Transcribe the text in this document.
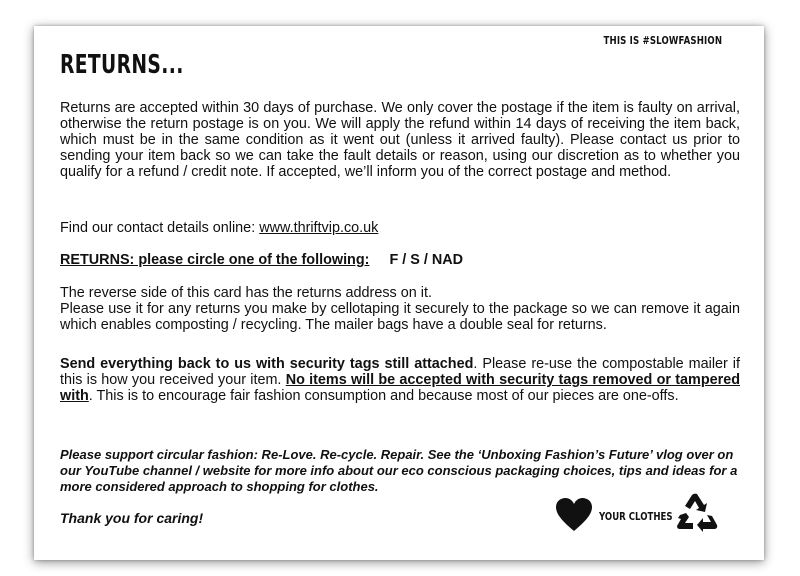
THIS IS #SLOWFASHION
RETURNS...
Returns are accepted within 30 days of purchase. We only cover the postage if the item is faulty on arrival, otherwise the return postage is on you. We will apply the refund within 14 days of receiving the item back, which must be in the same condition as it went out (unless it arrived faulty). Please contact us prior to sending your item back so we can take the fault details or reason, using our discretion as to whether you qualify for a refund / credit note. If accepted, we’ll inform you of the correct postage and method.
Find our contact details online: www.thriftvip.co.uk
RETURNS: please circle one of the following: F / S / NAD
The reverse side of this card has the returns address on it.
Please use it for any returns you make by cellotaping it securely to the package so we can remove it again which enables composting / recycling. The mailer bags have a double seal for returns.
Send everything back to us with security tags still attached. Please re-use the compostable mailer if this is how you received your item. No items will be accepted with security tags removed or tampered with. This is to encourage fair fashion consumption and because most of our pieces are one-offs.
Please support circular fashion: Re-Love. Re-cycle. Repair. See the ‘Unboxing Fashion’s Future’ vlog over on our YouTube channel / website for more info about our eco conscious packaging choices, tips and ideas for a more considered approach to shopping for clothes.
Thank you for caring!	YOUR CLOTHES
